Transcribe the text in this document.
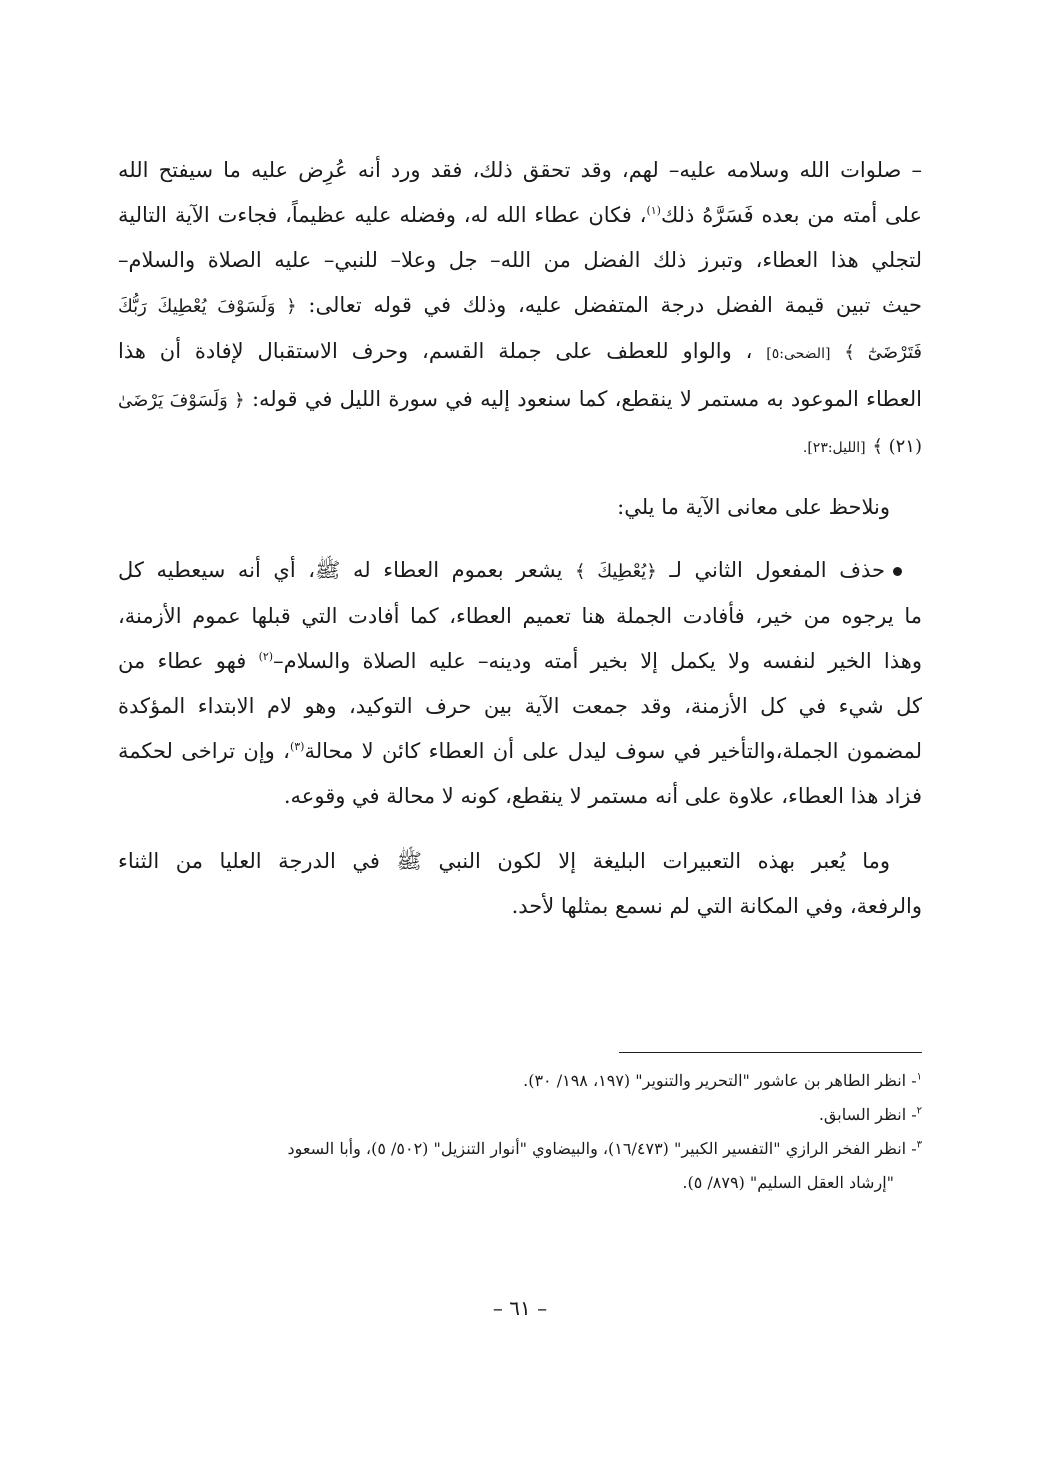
– صلوات الله وسلامه عليه– لهم، وقد تحقق ذلك، فقد ورد أنه عُرِض عليه ما سيفتح الله
على أمته من بعده فَسَرَّهُ ذلك$^{(١)}$، فكان عطاء الله له، وفضله عليه عظيماً، فجاءت الآية التالية
لتجلي هذا العطاء، وتبرز ذلك الفضل من الله– جل وعلا– للنبي– عليه الصلاة والسلام–
حيث تبين قيمة الفضل درجة المتفضل عليه، وذلك في قوله تعالى: ﴿ وَلَسَوْفَ يُعْطِيكَ رَبُّكَ
فَتَرْضَىٰٓ ﴾ [الضحى:٥] ، والواو للعطف على جملة القسم، وحرف الاستقبال لإفادة أن هذا
العطاء الموعود به مستمر لا ينقطع، كما سنعود إليه في سورة الليل في قوله: ﴿ وَلَسَوْفَ يَرْضَىٰ
(٢١) ﴾ [الليل:٢٣].

ونلاحظ على معانى الآية ما يلي:

حذف المفعول الثاني لـ ﴿يُعْطِيكَ ﴾ يشعر بعموم العطاء له ﷺ، أي أنه سيعطيه كل
ما يرجوه من خير، فأفادت الجملة هنا تعميم العطاء، كما أفادت التي قبلها عموم الأزمنة،
وهذا الخير لنفسه ولا يكمل إلا بخير أمته ودينه– عليه الصلاة والسلام–$^{(٢)}$ فهو عطاء من
كل شيء في كل الأزمنة، وقد جمعت الآية بين حرف التوكيد، وهو لام الابتداء المؤكدة
لمضمون الجملة،والتأخير في سوف ليدل على أن العطاء كائن لا محالة$^{(٣)}$، وإن تراخى لحكمة
فزاد هذا العطاء، علاوة على أنه مستمر لا ينقطع، كونه لا محالة في وقوعه.

وما يُعبر بهذه التعبيرات البليغة إلا لكون النبي ﷺ في الدرجة العليا من الثناء
والرفعة، وفي المكانة التي لم نسمع بمثلها لأحد.

$^١$- انظر الطاهر بن عاشور "التحرير والتنوير" (١٩٧، ١٩٨/ ٣٠).
$^٢$- انظر السابق.
$^٣$- انظر الفخر الرازي "التفسير الكبير" (١٦/٤٧٣)، والبيضاوي "أنوار التنزيل" (٥٠٢/ ٥)، وأبا السعود
"إرشاد العقل السليم" (٨٧٩/ ٥).
– ٦١ –
